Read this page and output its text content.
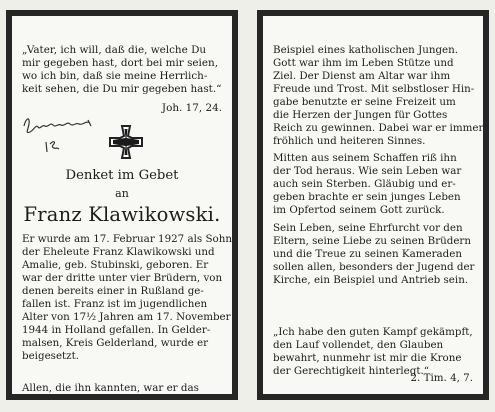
„Vater, ich will, daß die, welche Du
mir gegeben hast, dort bei mir seien,
wo ich bin, daß sie meine Herrlich-
keit sehen, die Du mir gegeben hast.“
Joh. 17, 24.
Denket im Gebet
an
Franz Klawikowski.
Er wurde am 17. Februar 1927 als Sohn
der Eheleute Franz Klawikowski und
Amalie, geb. Stubinski, geboren. Er
war der dritte unter vier Brüdern, von
denen bereits einer in Rußland ge-
fallen ist. Franz ist im jugendlichen
Alter von 17½ Jahren am 17. November
1944 in Holland gefallen. In Gelder-
malsen, Kreis Gelderland, wurde er
beigesetzt.
Allen, die ihn kannten, war er das
Beispiel eines katholischen Jungen.
Gott war ihm im Leben Stütze und
Ziel. Der Dienst am Altar war ihm
Freude und Trost. Mit selbstloser Hin-
gabe benutzte er seine Freizeit um
die Herzen der Jungen für Gottes
Reich zu gewinnen. Dabei war er immer
fröhlich und heiteren Sinnes.
Mitten aus seinem Schaffen riß ihn
der Tod heraus. Wie sein Leben war
auch sein Sterben. Gläubig und er-
geben brachte er sein junges Leben
im Opfertod seinem Gott zurück.
Sein Leben, seine Ehrfurcht vor den
Eltern, seine Liebe zu seinen Brüdern
und die Treue zu seinen Kameraden
sollen allen, besonders der Jugend der
Kirche, ein Beispiel und Antrieb sein.
„Ich habe den guten Kampf gekämpft,
den Lauf vollendet, den Glauben
bewahrt, nunmehr ist mir die Krone
der Gerechtigkeit hinterlegt.“
2. Tim. 4, 7.
